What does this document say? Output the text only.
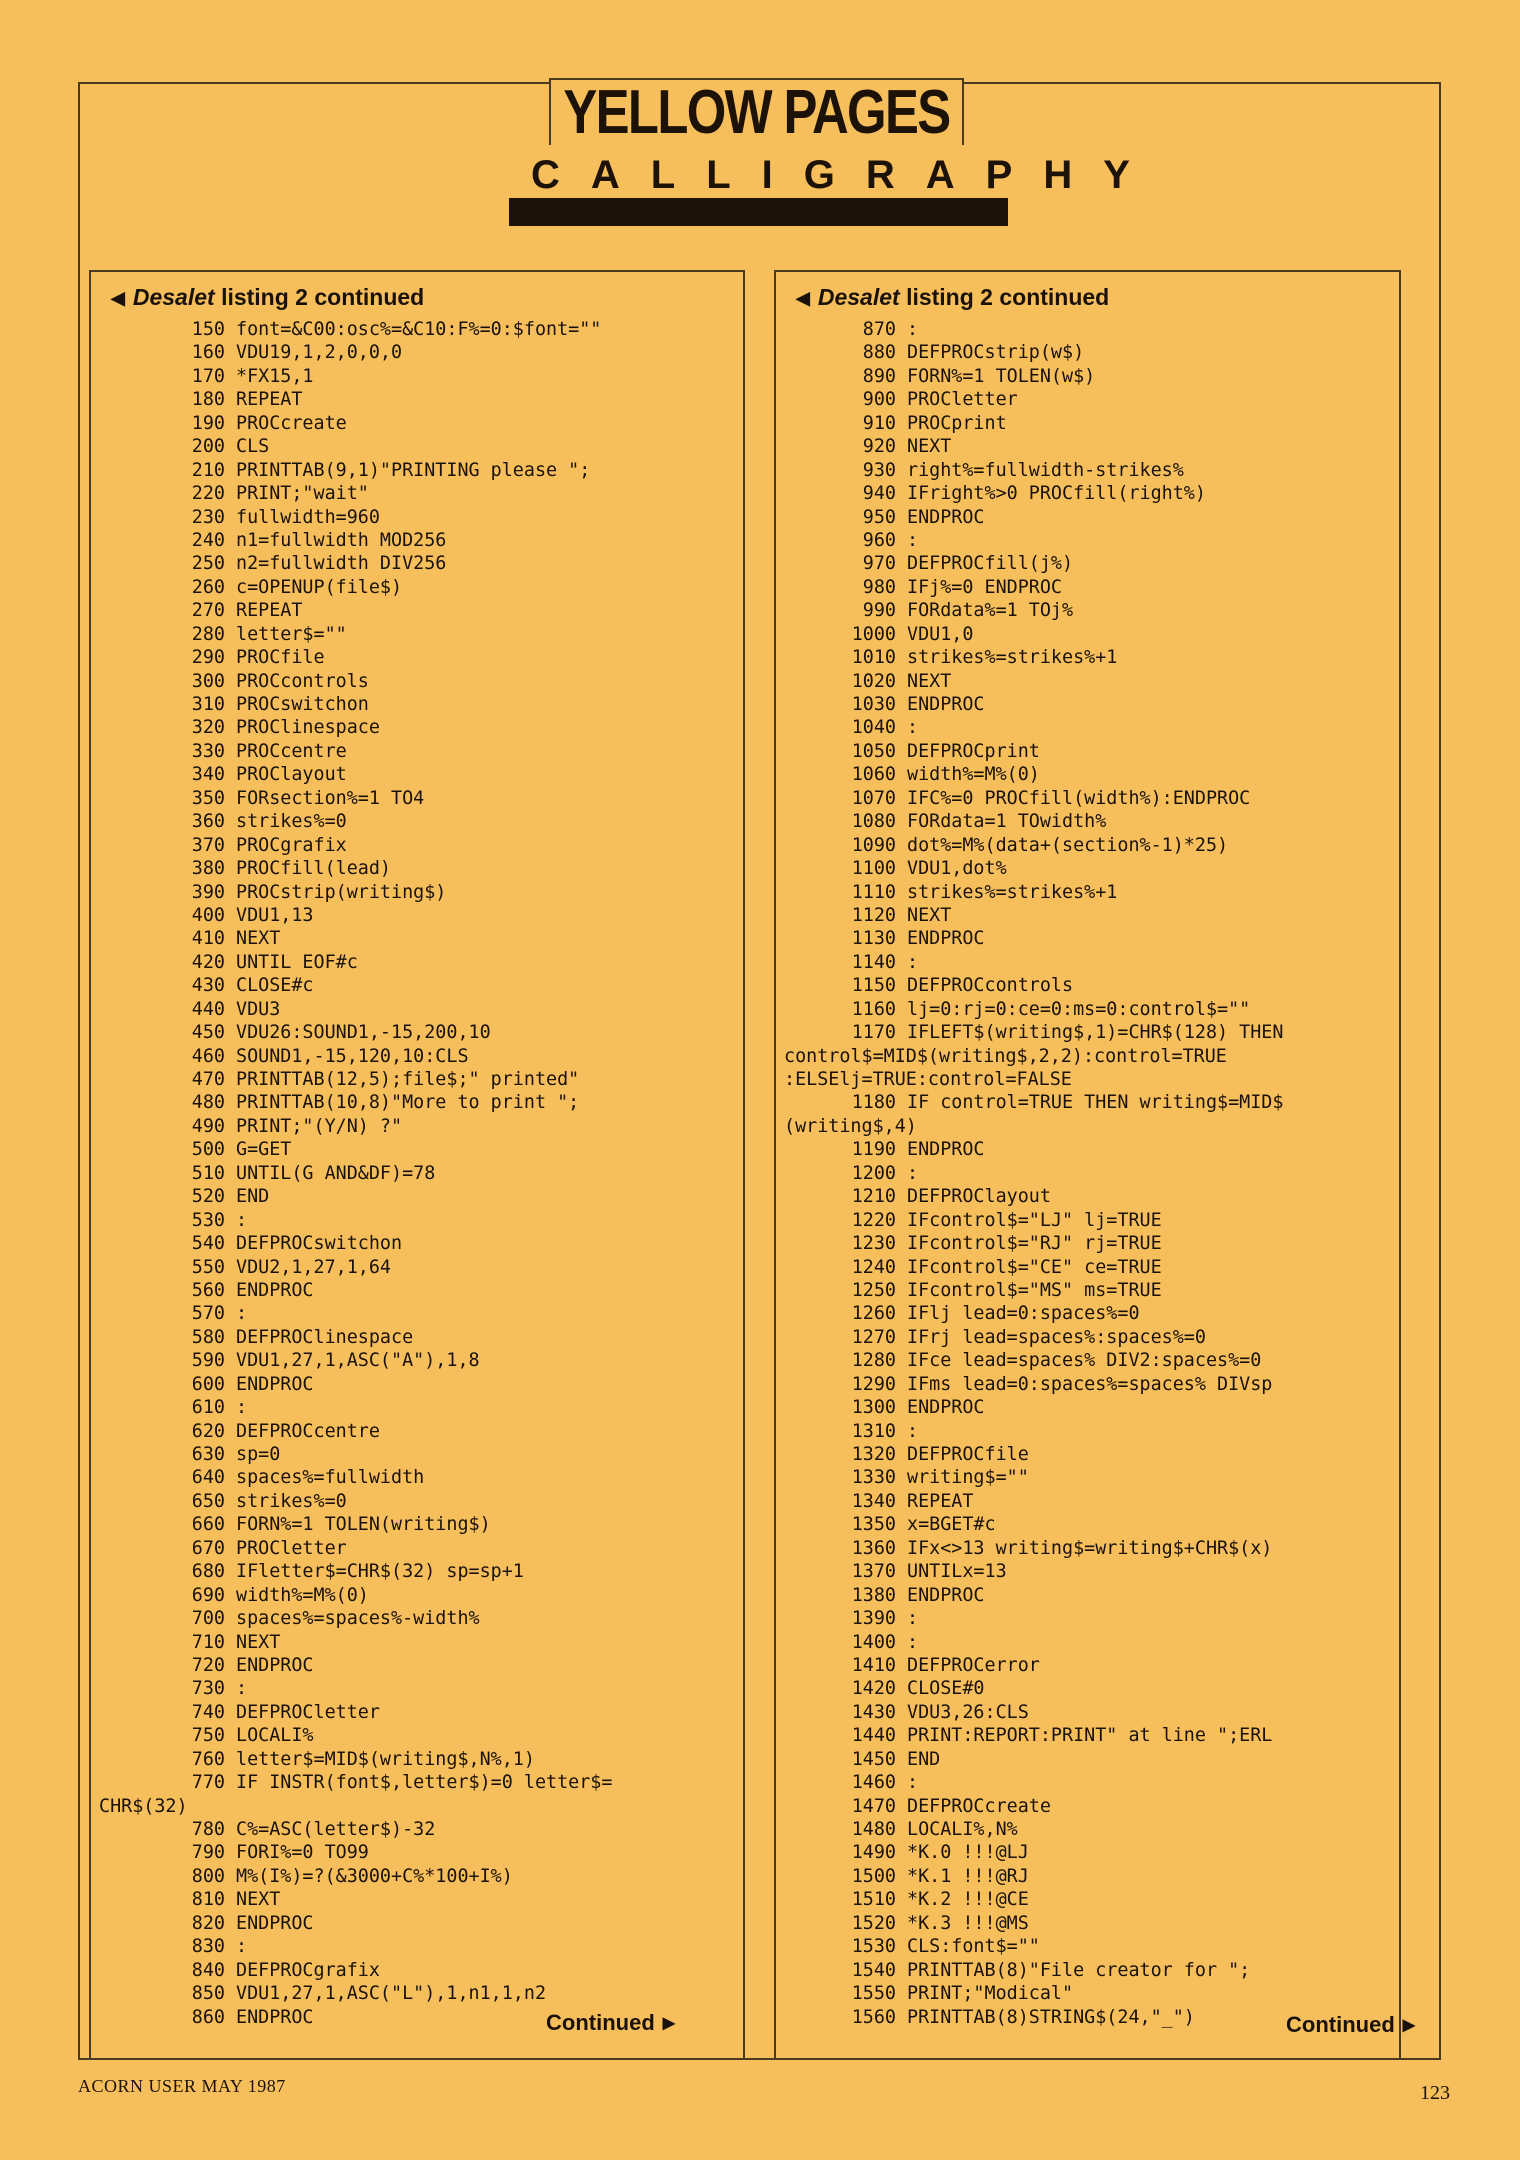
YELLOW PAGES
CALLIGRAPHY
◀ Desalet listing 2 continued
150 font=&C00:osc%=&C10:F%=0:$font=""
160 VDU19,1,2,0,0,0
170 *FX15,1
180 REPEAT
190 PROCcreate
200 CLS
210 PRINTTAB(9,1)"PRINTING please ";
220 PRINT;"wait"
230 fullwidth=960
240 n1=fullwidth MOD256
250 n2=fullwidth DIV256
260 c=OPENUP(file$)
270 REPEAT
280 letter$=""
290 PROCfile
300 PROCcontrols
310 PROCswitchon
320 PROClinespace
330 PROCcentre
340 PROClayout
350 FORsection%=1 TO4
360 strikes%=0
370 PROCgrafix
380 PROCfill(lead)
390 PROCstrip(writing$)
400 VDU1,13
410 NEXT
420 UNTIL EOF#c
430 CLOSE#c
440 VDU3
450 VDU26:SOUND1,-15,200,10
460 SOUND1,-15,120,10:CLS
470 PRINTTAB(12,5);file$;" printed"
480 PRINTTAB(10,8)"More to print ";
490 PRINT;"(Y/N) ?"
500 G=GET
510 UNTIL(G AND&DF)=78
520 END
530 :
540 DEFPROCswitchon
550 VDU2,1,27,1,64
560 ENDPROC
570 :
580 DEFPROClinespace
590 VDU1,27,1,ASC("A"),1,8
600 ENDPROC
610 :
620 DEFPROCcentre
630 sp=0
640 spaces%=fullwidth
650 strikes%=0
660 FORN%=1 TOLEN(writing$)
670 PROCletter
680 IFletter$=CHR$(32) sp=sp+1
690 width%=M%(0)
700 spaces%=spaces%-width%
710 NEXT
720 ENDPROC
730 :
740 DEFPROCletter
750 LOCALI%
760 letter$=MID$(writing$,N%,1)
770 IF INSTR(font$,letter$)=0 letter$=
CHR$(32)
780 C%=ASC(letter$)-32
790 FORI%=0 TO99
800 M%(I%)=?(&3000+C%*100+I%)
810 NEXT
820 ENDPROC
830 :
840 DEFPROCgrafix
850 VDU1,27,1,ASC("L"),1,n1,1,n2
860 ENDPROC	Continued ▶
◀ Desalet listing 2 continued
870 :
880 DEFPROCstrip(w$)
890 FORN%=1 TOLEN(w$)
900 PROCletter
910 PROCprint
920 NEXT
930 right%=fullwidth-strikes%
940 IFright%>0 PROCfill(right%)
950 ENDPROC
960 :
970 DEFPROCfill(j%)
980 IFj%=0 ENDPROC
990 FORdata%=1 TOj%
1000 VDU1,0
1010 strikes%=strikes%+1
1020 NEXT
1030 ENDPROC
1040 :
1050 DEFPROCprint
1060 width%=M%(0)
1070 IFC%=0 PROCfill(width%):ENDPROC
1080 FORdata=1 TOwidth%
1090 dot%=M%(data+(section%-1)*25)
1100 VDU1,dot%
1110 strikes%=strikes%+1
1120 NEXT
1130 ENDPROC
1140 :
1150 DEFPROCcontrols
1160 lj=0:rj=0:ce=0:ms=0:control$=""
1170 IFLEFT$(writing$,1)=CHR$(128) THEN
control$=MID$(writing$,2,2):control=TRUE
:ELSElj=TRUE:control=FALSE
1180 IF control=TRUE THEN writing$=MID$
(writing$,4)
1190 ENDPROC
1200 :
1210 DEFPROClayout
1220 IFcontrol$="LJ" lj=TRUE
1230 IFcontrol$="RJ" rj=TRUE
1240 IFcontrol$="CE" ce=TRUE
1250 IFcontrol$="MS" ms=TRUE
1260 IFlj lead=0:spaces%=0
1270 IFrj lead=spaces%:spaces%=0
1280 IFce lead=spaces% DIV2:spaces%=0
1290 IFms lead=0:spaces%=spaces% DIVsp
1300 ENDPROC
1310 :
1320 DEFPROCfile
1330 writing$=""
1340 REPEAT
1350 x=BGET#c
1360 IFx<>13 writing$=writing$+CHR$(x)
1370 UNTILx=13
1380 ENDPROC
1390 :
1400 :
1410 DEFPROCerror
1420 CLOSE#0
1430 VDU3,26:CLS
1440 PRINT:REPORT:PRINT" at line ";ERL
1450 END
1460 :
1470 DEFPROCcreate
1480 LOCALI%,N%
1490 *K.0 !!!@LJ
1500 *K.1 !!!@RJ
1510 *K.2 !!!@CE
1520 *K.3 !!!@MS
1530 CLS:font$=""
1540 PRINTTAB(8)"File creator for ";
1550 PRINT;"Modical"
1560 PRINTTAB(8)STRING$(24,"_")	Continued ▶
ACORN USER MAY 1987	123
